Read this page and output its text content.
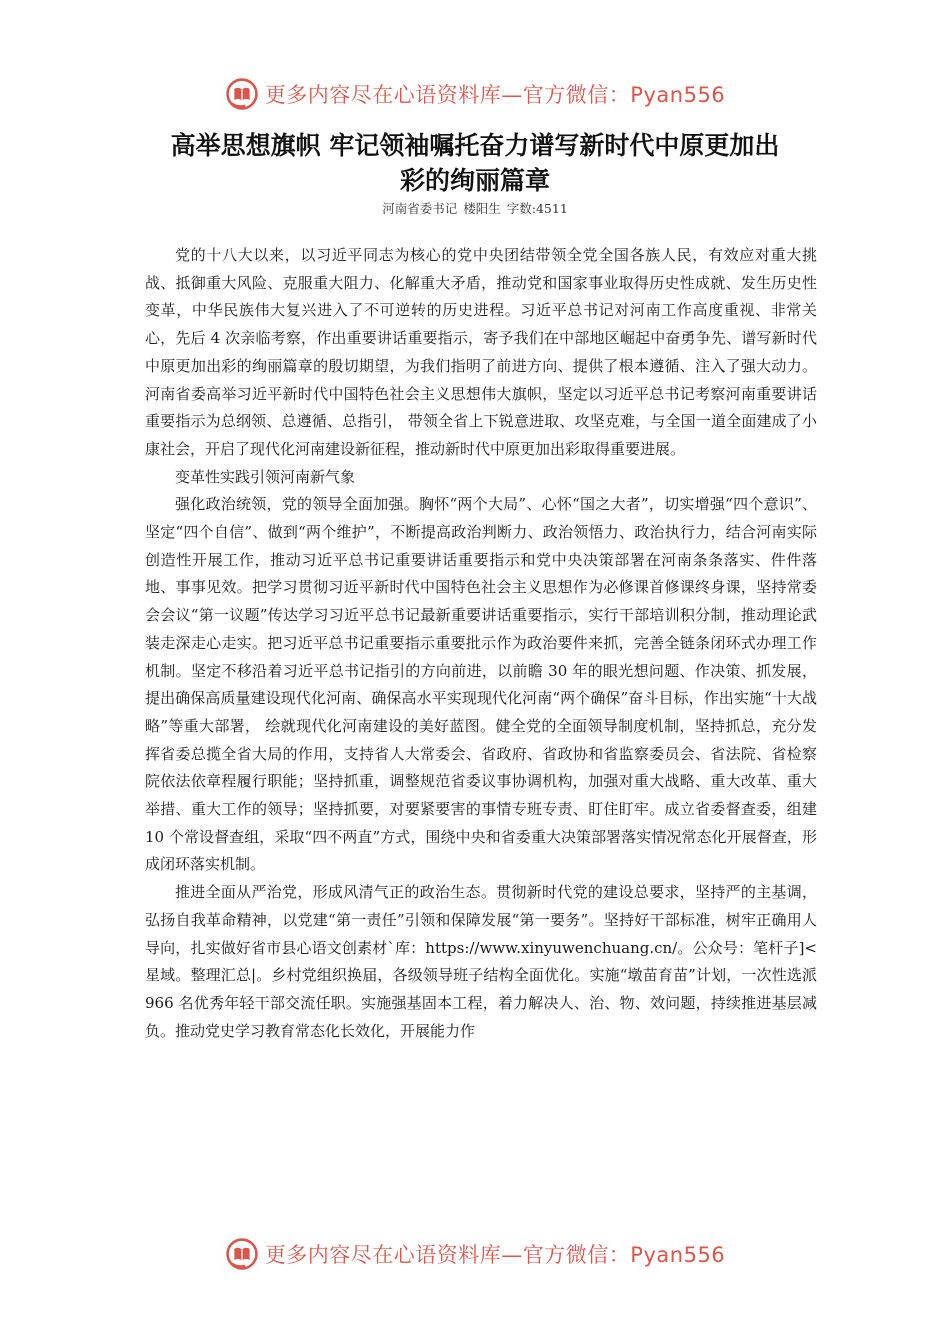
更多内容尽在心语资料库—官方微信：Pyan556
高举思想旗帜 牢记领袖嘱托奋力谱写新时代中原更加出
彩的绚丽篇章
河南省委书记 楼阳生 字数:4511

党的十八大以来，以习近平同志为核心的党中央团结带领全党全国各族人民，有效应对重大挑战、抵御重大风险、克服重大阻力、化解重大矛盾，推动党和国家事业取得历史性成就、发生历史性变革，中华民族伟大复兴进入了不可逆转的历史进程。习近平总书记对河南工作高度重视、非常关心，先后 4 次亲临考察，作出重要讲话重要指示，寄予我们在中部地区崛起中奋勇争先、谱写新时代中原更加出彩的绚丽篇章的殷切期望，为我们指明了前进方向、提供了根本遵循、注入了强大动力。河南省委高举习近平新时代中国特色社会主义思想伟大旗帜，坚定以习近平总书记考察河南重要讲话重要指示为总纲领、总遵循、总指引， 带领全省上下锐意进取、攻坚克难，与全国一道全面建成了小康社会，开启了现代化河南建设新征程，推动新时代中原更加出彩取得重要进展。

变革性实践引领河南新气象

强化政治统领，党的领导全面加强。胸怀“两个大局”、心怀“国之大者”，切实增强“四个意识”、坚定“四个自信”、做到“两个维护”，不断提高政治判断力、政治领悟力、政治执行力，结合河南实际创造性开展工作，推动习近平总书记重要讲话重要指示和党中央决策部署在河南条条落实、件件落地、事事见效。把学习贯彻习近平新时代中国特色社会主义思想作为必修课首修课终身课，坚持常委会会议“第一议题”传达学习习近平总书记最新重要讲话重要指示，实行干部培训积分制，推动理论武装走深走心走实。把习近平总书记重要指示重要批示作为政治要件来抓，完善全链条闭环式办理工作机制。坚定不移沿着习近平总书记指引的方向前进，以前瞻 30 年的眼光想问题、作决策、抓发展，提出确保高质量建设现代化河南、确保高水平实现现代化河南“两个确保”奋斗目标，作出实施“十大战略”等重大部署， 绘就现代化河南建设的美好蓝图。健全党的全面领导制度机制，坚持抓总，充分发挥省委总揽全省大局的作用，支持省人大常委会、省政府、省政协和省监察委员会、省法院、省检察院依法依章程履行职能；坚持抓重，调整规范省委议事协调机构，加强对重大战略、重大改革、重大举措、重大工作的领导；坚持抓要，对要紧要害的事情专班专责、盯住盯牢。成立省委督查委，组建 10 个常设督查组，采取“四不两直”方式，围绕中央和省委重大决策部署落实情况常态化开展督查，形成闭环落实机制。

推进全面从严治党，形成风清气正的政治生态。贯彻新时代党的建设总要求，坚持严的主基调，弘扬自我革命精神，以党建“第一责任”引领和保障发展“第一要务”。坚持好干部标准，树牢正确用人导向，扎实做好省市县心语文创素材`库：https://www.xinyuwenchuang.cn/。公众号：笔杆子]<星域。整理汇总|。乡村党组织换届，各级领导班子结构全面优化。实施“墩苗育苗”计划，一次性选派 966 名优秀年轻干部交流任职。实施强基固本工程，着力解决人、治、物、效问题，持续推进基层减负。推动党史学习教育常态化长效化，开展能力作

更多内容尽在心语资料库—官方微信：Pyan556
